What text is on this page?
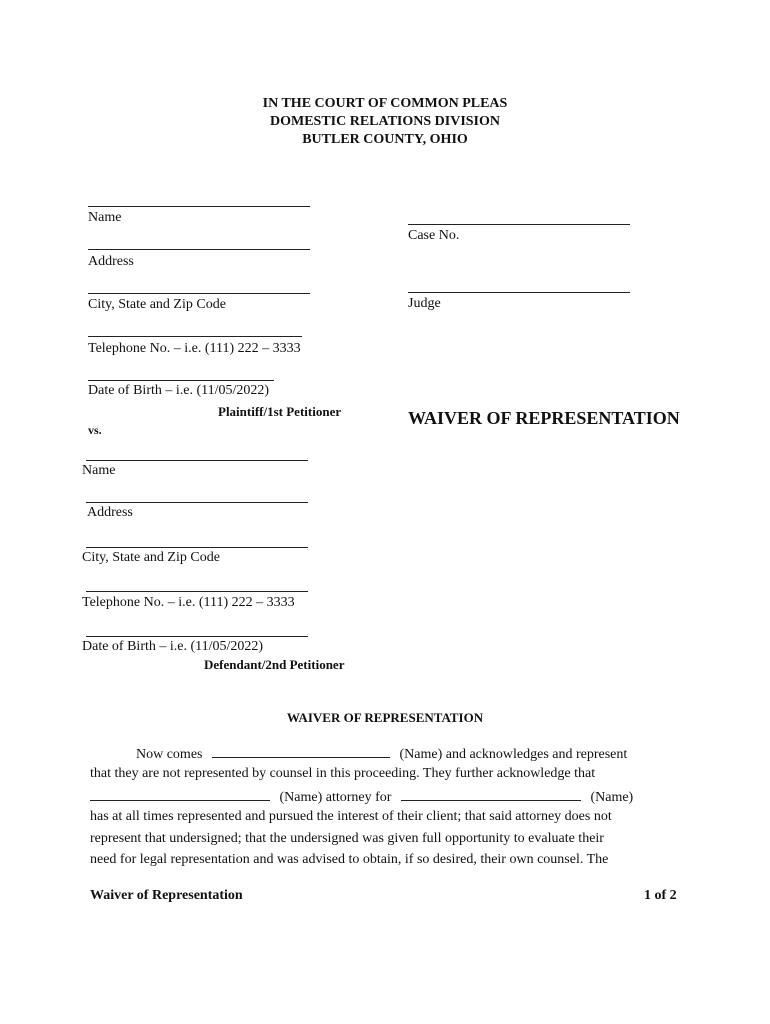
IN THE COURT OF COMMON PLEAS
DOMESTIC RELATIONS DIVISION
BUTLER COUNTY, OHIO
Name
Address
City, State and Zip Code
Telephone No. – i.e. (111) 222 – 3333
Date of Birth – i.e. (11/05/2022)
Plaintiff/1st Petitioner
vs.
Case No.
Judge
WAIVER OF REPRESENTATION
Name
Address
City, State and Zip Code
Telephone No. – i.e. (111) 222 – 3333
Date of Birth – i.e. (11/05/2022)
Defendant/2nd Petitioner
WAIVER OF REPRESENTATION
Now comes	(Name) and acknowledges and represent
that they are not represented by counsel in this proceeding. They further acknowledge that
(Name) attorney for	(Name)
has at all times represented and pursued the interest of their client; that said attorney does not
represent that undersigned; that the undersigned was given full opportunity to evaluate their
need for legal representation and was advised to obtain, if so desired, their own counsel. The
Waiver of Representation	1 of 2
